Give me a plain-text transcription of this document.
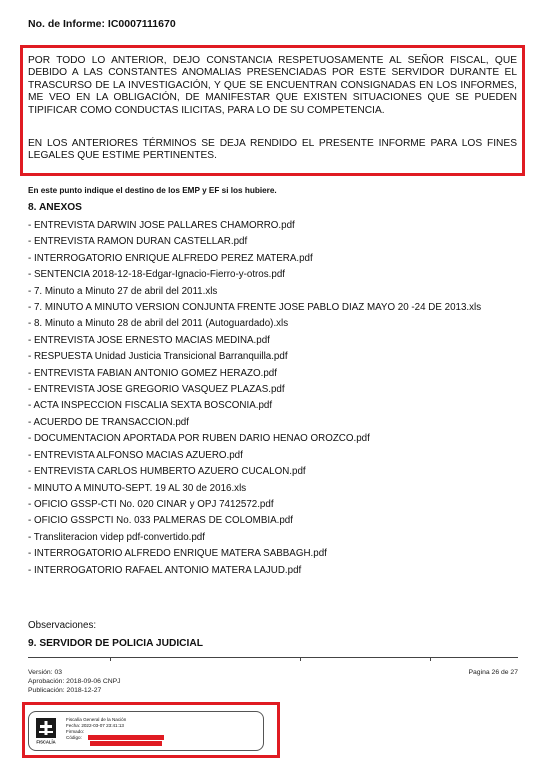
No. de Informe: IC0007111670
POR TODO LO ANTERIOR, DEJO CONSTANCIA RESPETUOSAMENTE AL SEÑOR FISCAL, QUE DEBIDO A LAS CONSTANTES ANOMALIAS PRESENCIADAS POR ESTE SERVIDOR DURANTE EL TRASCURSO DE LA INVESTIGACIÓN, Y QUE SE ENCUENTRAN CONSIGNADAS EN LOS INFORMES, ME VEO EN LA OBLIGACIÓN, DE MANIFESTAR QUE EXISTEN SITUACIONES QUE SE PUEDEN TIPIFICAR COMO CONDUCTAS ILICITAS, PARA LO DE SU COMPETENCIA.
EN LOS ANTERIORES TÉRMINOS SE DEJA RENDIDO EL PRESENTE INFORME PARA LOS FINES LEGALES QUE ESTIME PERTINENTES.
En este punto indique el destino de los EMP y EF si los hubiere.
8. ANEXOS
- ENTREVISTA DARWIN JOSE PALLARES CHAMORRO.pdf
- ENTREVISTA RAMON DURAN CASTELLAR.pdf
- INTERROGATORIO ENRIQUE ALFREDO PEREZ MATERA.pdf
- SENTENCIA 2018-12-18-Edgar-Ignacio-Fierro-y-otros.pdf
- 7. Minuto a Minuto 27 de abril del 2011.xls
- 7. MINUTO A MINUTO VERSION CONJUNTA FRENTE JOSE PABLO DIAZ MAYO 20 -24 DE 2013.xls
- 8. Minuto a Minuto 28 de abril del 2011 (Autoguardado).xls
- ENTREVISTA JOSE ERNESTO MACIAS MEDINA.pdf
- RESPUESTA Unidad Justicia Transicional Barranquilla.pdf
- ENTREVISTA FABIAN ANTONIO GOMEZ HERAZO.pdf
- ENTREVISTA JOSE GREGORIO VASQUEZ PLAZAS.pdf
- ACTA INSPECCION FISCALIA SEXTA BOSCONIA.pdf
- ACUERDO DE TRANSACCION.pdf
- DOCUMENTACION APORTADA POR RUBEN DARIO HENAO OROZCO.pdf
- ENTREVISTA ALFONSO MACIAS AZUERO.pdf
- ENTREVISTA CARLOS HUMBERTO AZUERO CUCALON.pdf
- MINUTO A MINUTO-SEPT. 19 AL 30 de 2016.xls
- OFICIO GSSP-CTI No. 020 CINAR y OPJ 7412572.pdf
- OFICIO GSSPCTI No. 033 PALMERAS DE COLOMBIA.pdf
- Transliteracion videp pdf-convertido.pdf
- INTERROGATORIO ALFREDO ENRIQUE MATERA SABBAGH.pdf
- INTERROGATORIO RAFAEL ANTONIO MATERA LAJUD.pdf
Observaciones:
9. SERVIDOR DE POLICIA JUDICIAL
Versión: 03
Aprobación: 2018-09-06 CNPJ
Publicación: 2018-12-27
Pagina 26 de 27
FISCALÍA
Fiscalía General de la Nación
Fecha: 2022-03-07 23:41:13
Firmado:
Código:
